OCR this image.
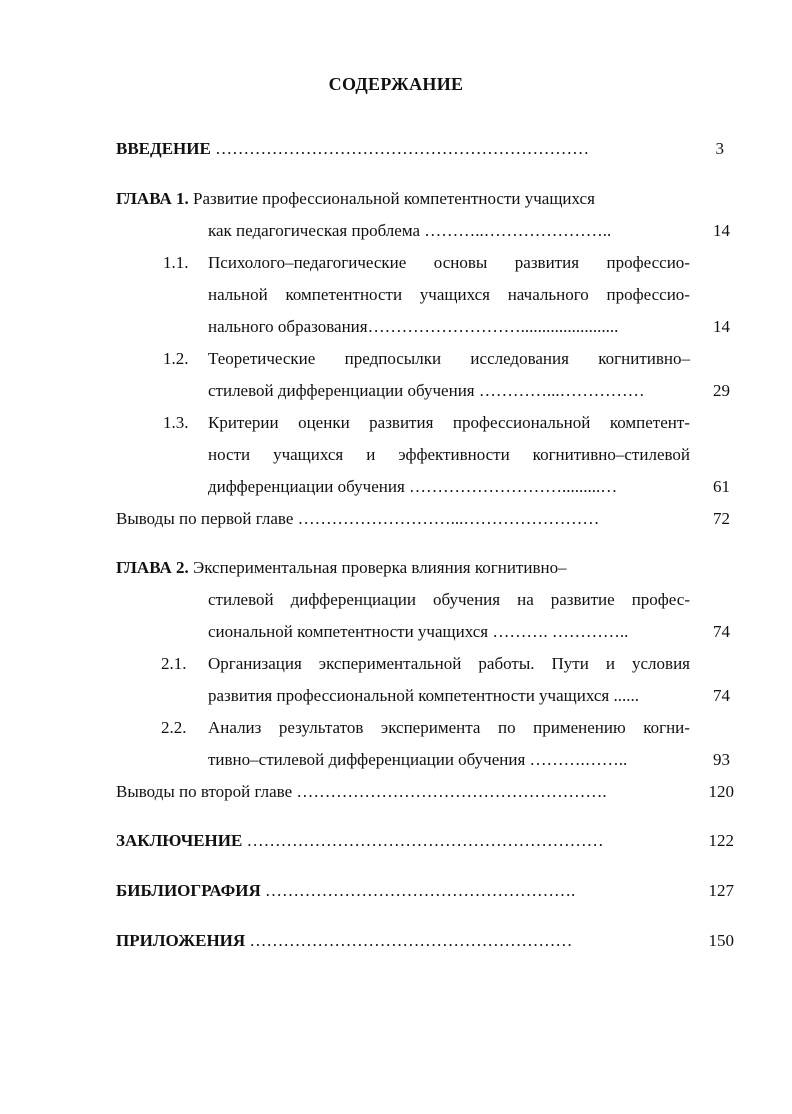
СОДЕРЖАНИЕ
ВВЕДЕНИЕ …………………………………………………………	3
ГЛАВА 1. Развитие профессиональной компетентности учащихся
как педагогическая проблема ………..…………………..	14
1.1. Психолого–педагогические основы развития профессио-
нальной компетентности учащихся начального профессио-
нального образования……………………….......................	14
1.2. Теоретические предпосылки исследования когнитивно–
стилевой дифференциации обучения …………...……………	29
1.3. Критерии оценки развития профессиональной компетент-
ности учащихся и эффективности когнитивно–стилевой
дифференциации обучения ……………………….........…	61
Выводы по первой главе ………………………...……………………	72
ГЛАВА 2. Экспериментальная проверка влияния когнитивно–
стилевой дифференциации обучения на развитие профес-
сиональной компетентности учащихся ………. …………..	74
2.1. Организация экспериментальной работы. Пути и условия
развития профессиональной компетентности учащихся ......	74
2.2. Анализ результатов эксперимента по применению когни-
тивно–стилевой дифференциации обучения ……….……..	93
Выводы по второй главе ……………………………………………….	120
ЗАКЛЮЧЕНИЕ ………………………………………………………	122
БИБЛИОГРАФИЯ ……………………………………………….	127
ПРИЛОЖЕНИЯ …………………………………………………	150
